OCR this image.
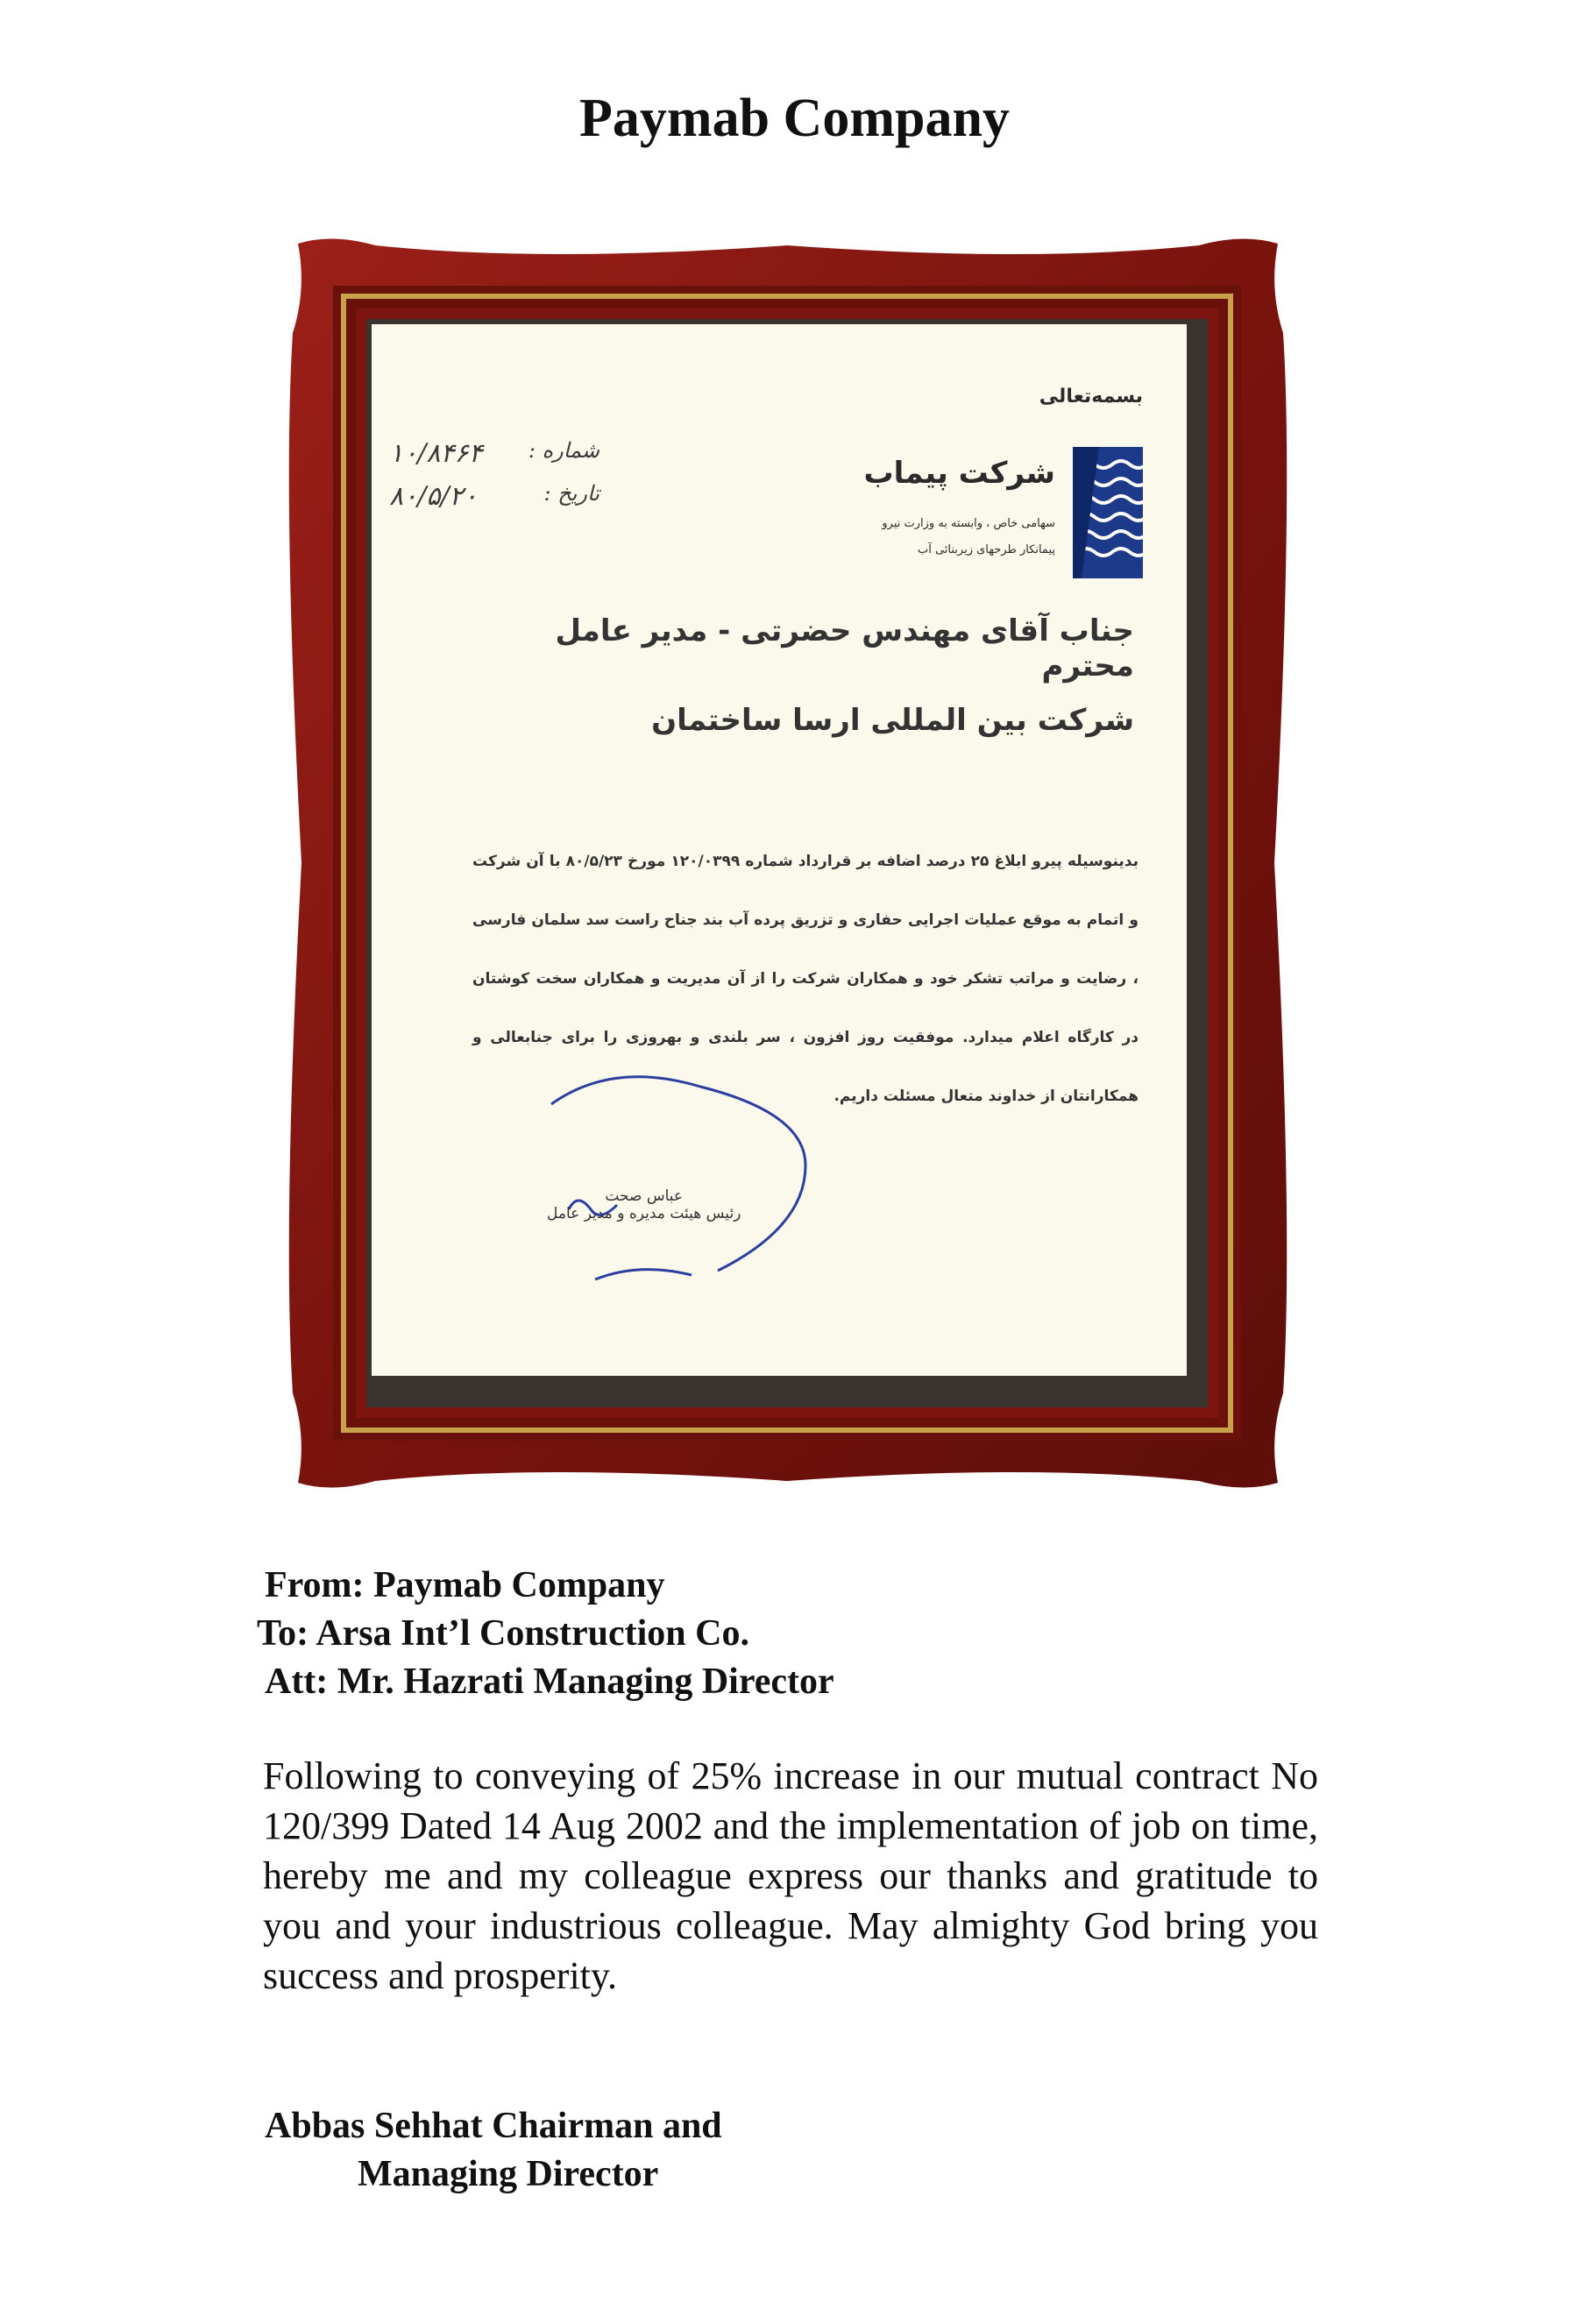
Paymab Company
بسمه‌تعالی
شرکت پیماب
سهامی خاص ، وابسته به وزارت نیرو
پیمانکار طرحهای زیربنائی آب
شماره :
۱۰/۸۴۶۴
تاریخ :
۸۰/۵/۲۰

جناب آقای مهندس حضرتی - مدیر عامل محترم

شرکت بین المللی ارسا ساختمان

بدینوسیله پیرو ابلاغ ۲۵ درصد اضافه بر قرارداد شماره ۱۲۰/۰۳۹۹ مورخ ۸۰/۵/۲۳ با آن شرکت و اتمام به موقع عملیات اجرایی حفاری و تزریق پرده آب بند جناح راست سد سلمان فارسی ، رضایت و مراتب تشکر خود و همکاران شرکت را از آن مدیریت و همکاران سخت کوشتان در کارگاه اعلام میدارد. موفقیت روز افزون ، سر بلندی و بهروزی را برای جنابعالی و همکارانتان از خداوند متعال مسئلت داریم.
عباس صحت
رئیس هیئت مدیره و مدیر عامل

From: Paymab Company

To: Arsa Int’l Construction Co.

Att: Mr. Hazrati Managing Director

Following to conveying of 25% increase in our mutual contract No 120/399 Dated 14 Aug 2002 and the implementation of job on time, hereby me and my colleague express our thanks and gratitude to you and your industrious colleague. May almighty God bring you success and prosperity.

Abbas Sehhat Chairman and

Managing Director
